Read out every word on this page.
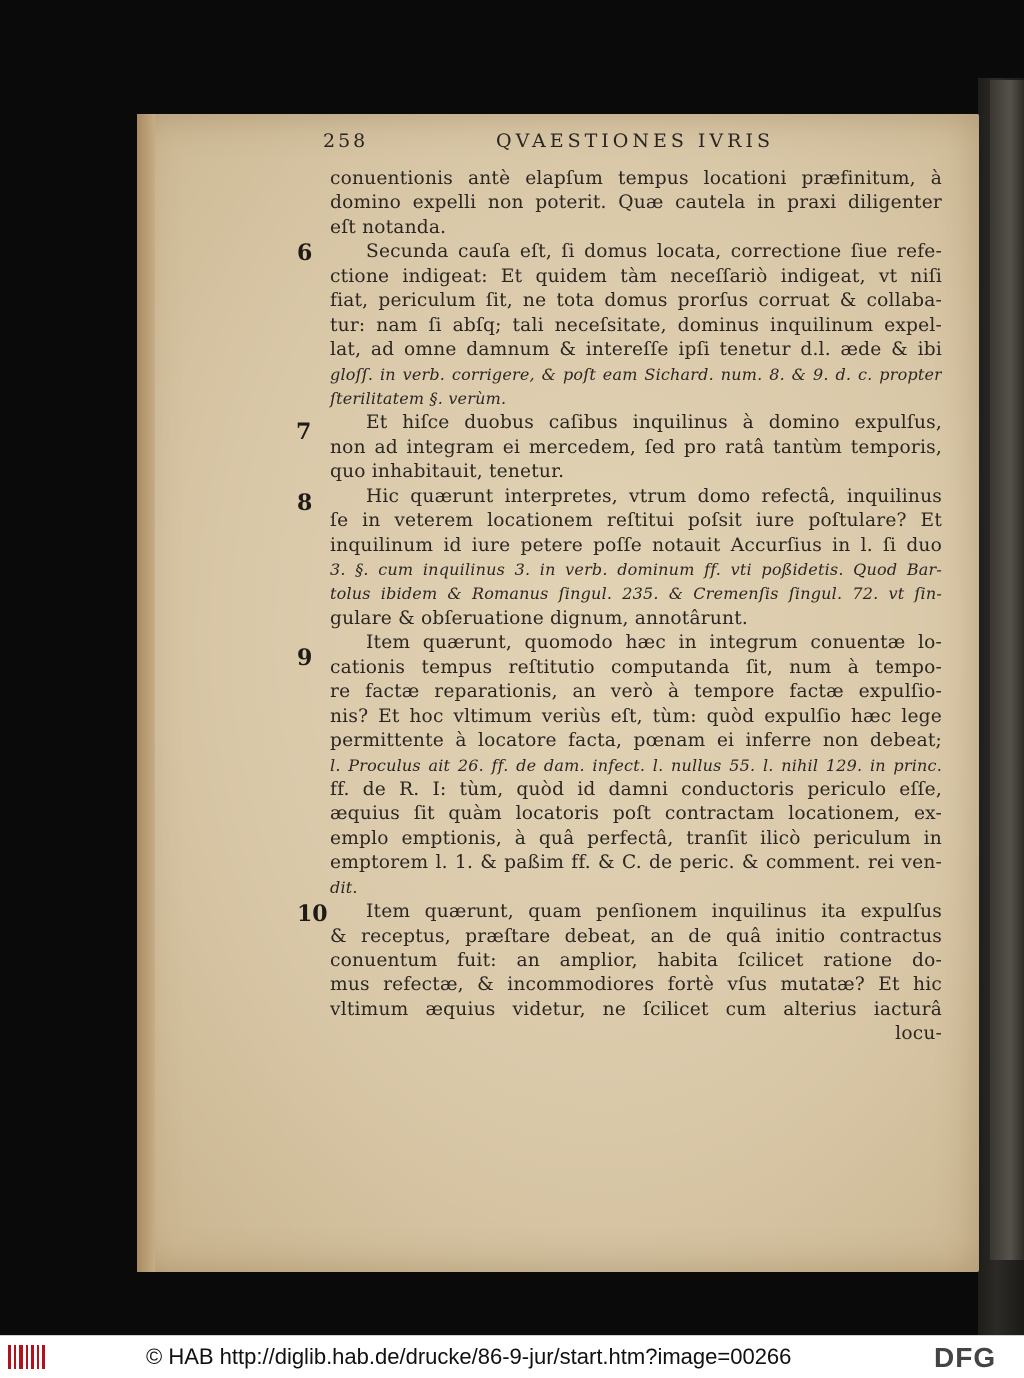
258	QVAESTIONES IVRIS
6
7
8
9
10
conuentionis antè elapſum tempus locationi præfinitum, à
domino expelli non poterit. Quæ cautela in praxi diligenter
eſt notanda.
Secunda cauſa eſt, ſi domus locata, correctione ſiue refe-
ctione indigeat: Et quidem tàm neceſſariò indigeat, vt niſi
fiat, periculum ſit, ne tota domus prorſus corruat & collaba-
tur: nam ſi abſq; tali neceſsitate, dominus inquilinum expel-
lat, ad omne damnum & intereſſe ipſi tenetur d.l. æde & ibi
gloſſ. in verb. corrigere, & poſt eam Sichard. num. 8. & 9. d. c. propter
ſterilitatem §. verùm.
Et hiſce duobus caſibus inquilinus à domino expulſus,
non ad integram ei mercedem, ſed pro ratâ tantùm temporis,
quo inhabitauit, tenetur.
Hic quærunt interpretes, vtrum domo refectâ, inquilinus
ſe in veterem locationem reſtitui poſsit iure poſtulare? Et
inquilinum id iure petere poſſe notauit Accurſius in l. ſi duo
3. §. cum inquilinus 3. in verb. dominum ff. vti poßidetis. Quod Bar-
tolus ibidem & Romanus ſingul. 235. & Cremenſis ſingul. 72. vt ſin-
gulare & obſeruatione dignum, annotârunt.
Item quærunt, quomodo hæc in integrum conuentæ lo-
cationis tempus reſtitutio computanda ſit, num à tempo-
re factæ reparationis, an verò à tempore factæ expulſio-
nis? Et hoc vltimum veriùs eſt, tùm: quòd expulſio hæc lege
permittente à locatore facta, pœnam ei inferre non debeat;
l. Proculus ait 26. ff. de dam. infect. l. nullus 55. l. nihil 129. in princ.
ff. de R. I: tùm, quòd id damni conductoris periculo eſſe,
æquius ſit quàm locatoris poſt contractam locationem, ex-
emplo emptionis, à quâ perfectâ, tranſit ilicò periculum in
emptorem l. 1. & paßim ff. & C. de peric. & comment. rei ven-
dit.
Item quærunt, quam penſionem inquilinus ita expulſus
& receptus, præſtare debeat, an de quâ initio contractus
conuentum fuit: an amplior, habita ſcilicet ratione do-
mus refectæ, & incommodiores fortè vſus mutatæ? Et hic
vltimum æquius videtur, ne ſcilicet cum alterius iacturâ
locu-
© HAB http://diglib.hab.de/drucke/86-9-jur/start.htm?image=00266	DFG
